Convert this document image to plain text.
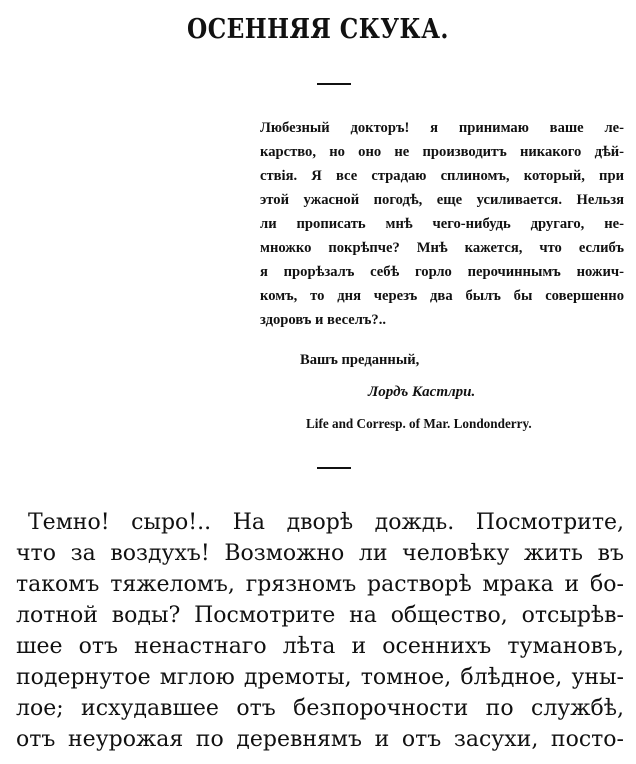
ОСЕННЯЯ СКУКА.
Любезный докторъ! я принимаю ваше ле-
карство, но оно не производитъ никакого дѣй-
ствія. Я все страдаю сплиномъ, который, при
этой ужасной погодѣ, еще усиливается. Нельзя
ли прописать мнѣ чего-нибудь другаго, не-
множко покрѣпче? Мнѣ кажется, что еслибъ
я прорѣзалъ себѣ горло перочиннымъ ножич-
комъ, то дня черезъ два былъ бы совершенно
здоровъ и веселъ?..
Вашъ преданный,
Лордъ Кастлри.
Life and Corresp. of Mar. Londonderry.
Темно! сыро!.. На дворѣ дождь. Посмотрите,
что за воздухъ! Возможно ли человѣку жить въ
такомъ тяжеломъ, грязномъ растворѣ мрака и бо-
лотной воды? Посмотрите на общество, отсырѣв-
шее отъ ненастнаго лѣта и осеннихъ тумановъ,
подернутое мглою дремоты, томное, блѣдное, уны-
лое; исхудавшее отъ безпорочности по службѣ,
отъ неурожая по деревнямъ и отъ засухи, посто-
